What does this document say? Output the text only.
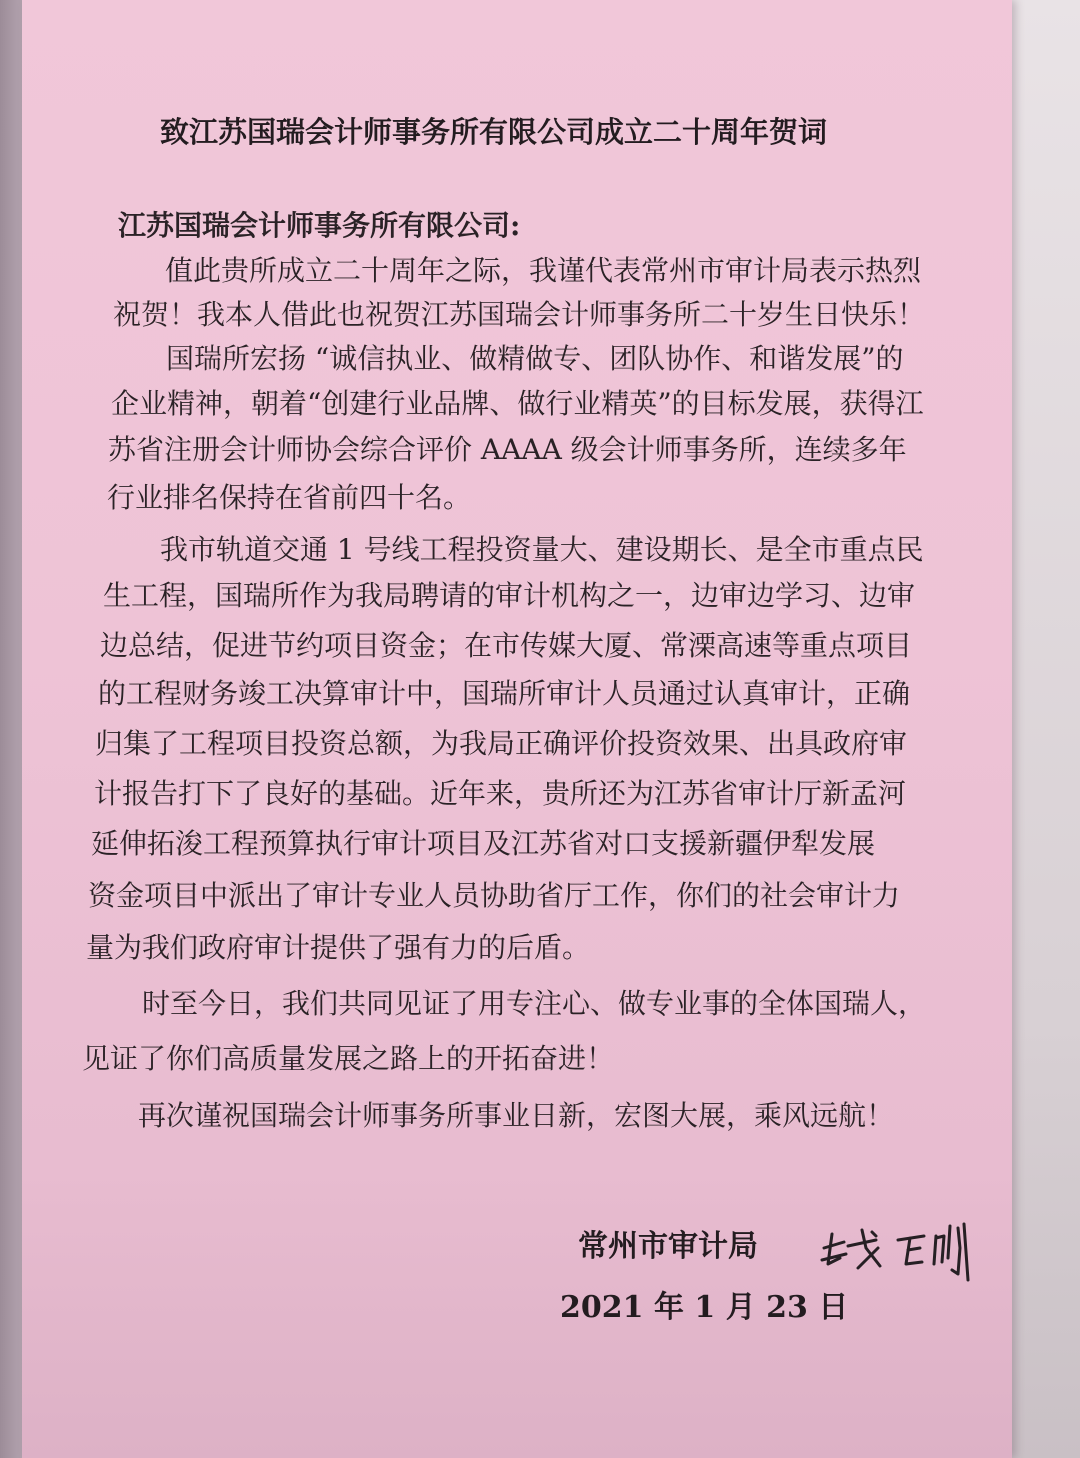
致江苏国瑞会计师事务所有限公司成立二十周年贺词
江苏国瑞会计师事务所有限公司:

值此贵所成立二十周年之际，我谨代表常州市审计局表示热烈

祝贺！我本人借此也祝贺江苏国瑞会计师事务所二十岁生日快乐！

国瑞所宏扬 “诚信执业、做精做专、团队协作、和谐发展”的

企业精神，朝着“创建行业品牌、做行业精英”的目标发展，获得江

苏省注册会计师协会综合评价 AAAA 级会计师事务所，连续多年

行业排名保持在省前四十名。

我市轨道交通 1 号线工程投资量大、建设期长、是全市重点民

生工程，国瑞所作为我局聘请的审计机构之一，边审边学习、边审

边总结，促进节约项目资金；在市传媒大厦、常溧高速等重点项目

的工程财务竣工决算审计中，国瑞所审计人员通过认真审计，正确

归集了工程项目投资总额，为我局正确评价投资效果、出具政府审

计报告打下了良好的基础。近年来，贵所还为江苏省审计厅新孟河

延伸拓浚工程预算执行审计项目及江苏省对口支援新疆伊犁发展

资金项目中派出了审计专业人员协助省厅工作，你们的社会审计力

量为我们政府审计提供了强有力的后盾。

时至今日，我们共同见证了用专注心、做专业事的全体国瑞人，

见证了你们高质量发展之路上的开拓奋进！

再次谨祝国瑞会计师事务所事业日新，宏图大展，乘风远航！

常州市审计局
2021 年 1 月 23 日
